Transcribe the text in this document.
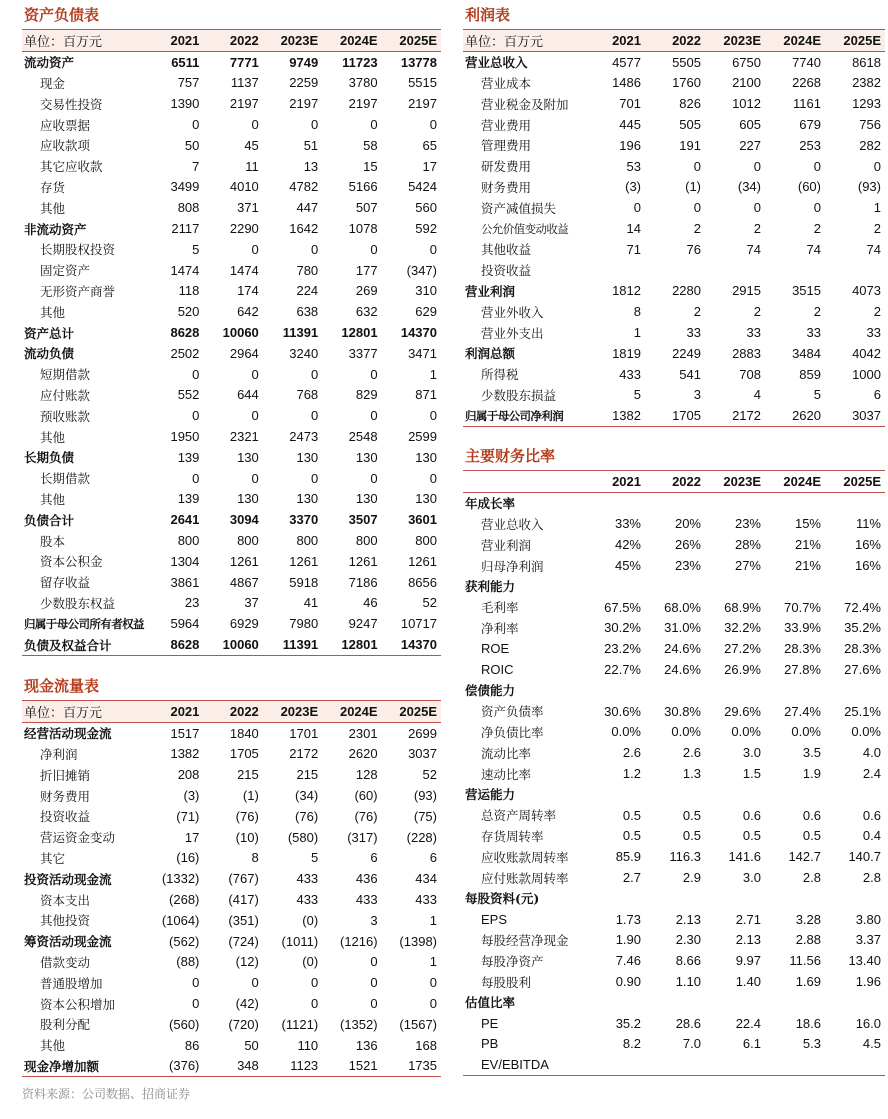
资产负债表
单位：百万元	2021	2022	2023E	2024E	2025E
流动资产	6511	7771	9749	11723	13778
现金	757	1137	2259	3780	5515
交易性投资	1390	2197	2197	2197	2197
应收票据	0	0	0	0	0
应收款项	50	45	51	58	65
其它应收款	7	11	13	15	17
存货	3499	4010	4782	5166	5424
其他	808	371	447	507	560
非流动资产	2117	2290	1642	1078	592
长期股权投资	5	0	0	0	0
固定资产	1474	1474	780	177	(347)
无形资产商誉	118	174	224	269	310
其他	520	642	638	632	629
资产总计	8628	10060	11391	12801	14370
流动负债	2502	2964	3240	3377	3471
短期借款	0	0	0	0	1
应付账款	552	644	768	829	871
预收账款	0	0	0	0	0
其他	1950	2321	2473	2548	2599
长期负债	139	130	130	130	130
长期借款	0	0	0	0	0
其他	139	130	130	130	130
负债合计	2641	3094	3370	3507	3601
股本	800	800	800	800	800
资本公积金	1304	1261	1261	1261	1261
留存收益	3861	4867	5918	7186	8656
少数股东权益	23	37	41	46	52
归属于母公司所有者权益	5964	6929	7980	9247	10717
负债及权益合计	8628	10060	11391	12801	14370
现金流量表
单位：百万元	2021	2022	2023E	2024E	2025E
经营活动现金流	1517	1840	1701	2301	2699
净利润	1382	1705	2172	2620	3037
折旧摊销	208	215	215	128	52
财务费用	(3)	(1)	(34)	(60)	(93)
投资收益	(71)	(76)	(76)	(76)	(75)
营运资金变动	17	(10)	(580)	(317)	(228)
其它	(16)	8	5	6	6
投资活动现金流	(1332)	(767)	433	436	434
资本支出	(268)	(417)	433	433	433
其他投资	(1064)	(351)	(0)	3	1
筹资活动现金流	(562)	(724)	(1011)	(1216)	(1398)
借款变动	(88)	(12)	(0)	0	1
普通股增加	0	0	0	0	0
资本公积增加	0	(42)	0	0	0
股利分配	(560)	(720)	(1121)	(1352)	(1567)
其他	86	50	110	136	168
现金净增加额	(376)	348	1123	1521	1735
利润表
单位：百万元	2021	2022	2023E	2024E	2025E
营业总收入	4577	5505	6750	7740	8618
营业成本	1486	1760	2100	2268	2382
营业税金及附加	701	826	1012	1161	1293
营业费用	445	505	605	679	756
管理费用	196	191	227	253	282
研发费用	53	0	0	0	0
财务费用	(3)	(1)	(34)	(60)	(93)
资产减值损失	0	0	0	0	1
公允价值变动收益	14	2	2	2	2
其他收益	71	76	74	74	74
投资收益					
营业利润	1812	2280	2915	3515	4073
营业外收入	8	2	2	2	2
营业外支出	1	33	33	33	33
利润总额	1819	2249	2883	3484	4042
所得税	433	541	708	859	1000
少数股东损益	5	3	4	5	6
归属于母公司净利润	1382	1705	2172	2620	3037
主要财务比率
	2021	2022	2023E	2024E	2025E
年成长率					
营业总收入	33%	20%	23%	15%	11%
营业利润	42%	26%	28%	21%	16%
归母净利润	45%	23%	27%	21%	16%
获利能力					
毛利率	67.5%	68.0%	68.9%	70.7%	72.4%
净利率	30.2%	31.0%	32.2%	33.9%	35.2%
ROE	23.2%	24.6%	27.2%	28.3%	28.3%
ROIC	22.7%	24.6%	26.9%	27.8%	27.6%
偿债能力					
资产负债率	30.6%	30.8%	29.6%	27.4%	25.1%
净负债比率	0.0%	0.0%	0.0%	0.0%	0.0%
流动比率	2.6	2.6	3.0	3.5	4.0
速动比率	1.2	1.3	1.5	1.9	2.4
营运能力					
总资产周转率	0.5	0.5	0.6	0.6	0.6
存货周转率	0.5	0.5	0.5	0.5	0.4
应收账款周转率	85.9	116.3	141.6	142.7	140.7
应付账款周转率	2.7	2.9	3.0	2.8	2.8
每股资料(元)					
EPS	1.73	2.13	2.71	3.28	3.80
每股经营净现金	1.90	2.30	2.13	2.88	3.37
每股净资产	7.46	8.66	9.97	11.56	13.40
每股股利	0.90	1.10	1.40	1.69	1.96
估值比率					
PE	35.2	28.6	22.4	18.6	16.0
PB	8.2	7.0	6.1	5.3	4.5
EV/EBITDA					
资料来源：公司数据、招商证券
